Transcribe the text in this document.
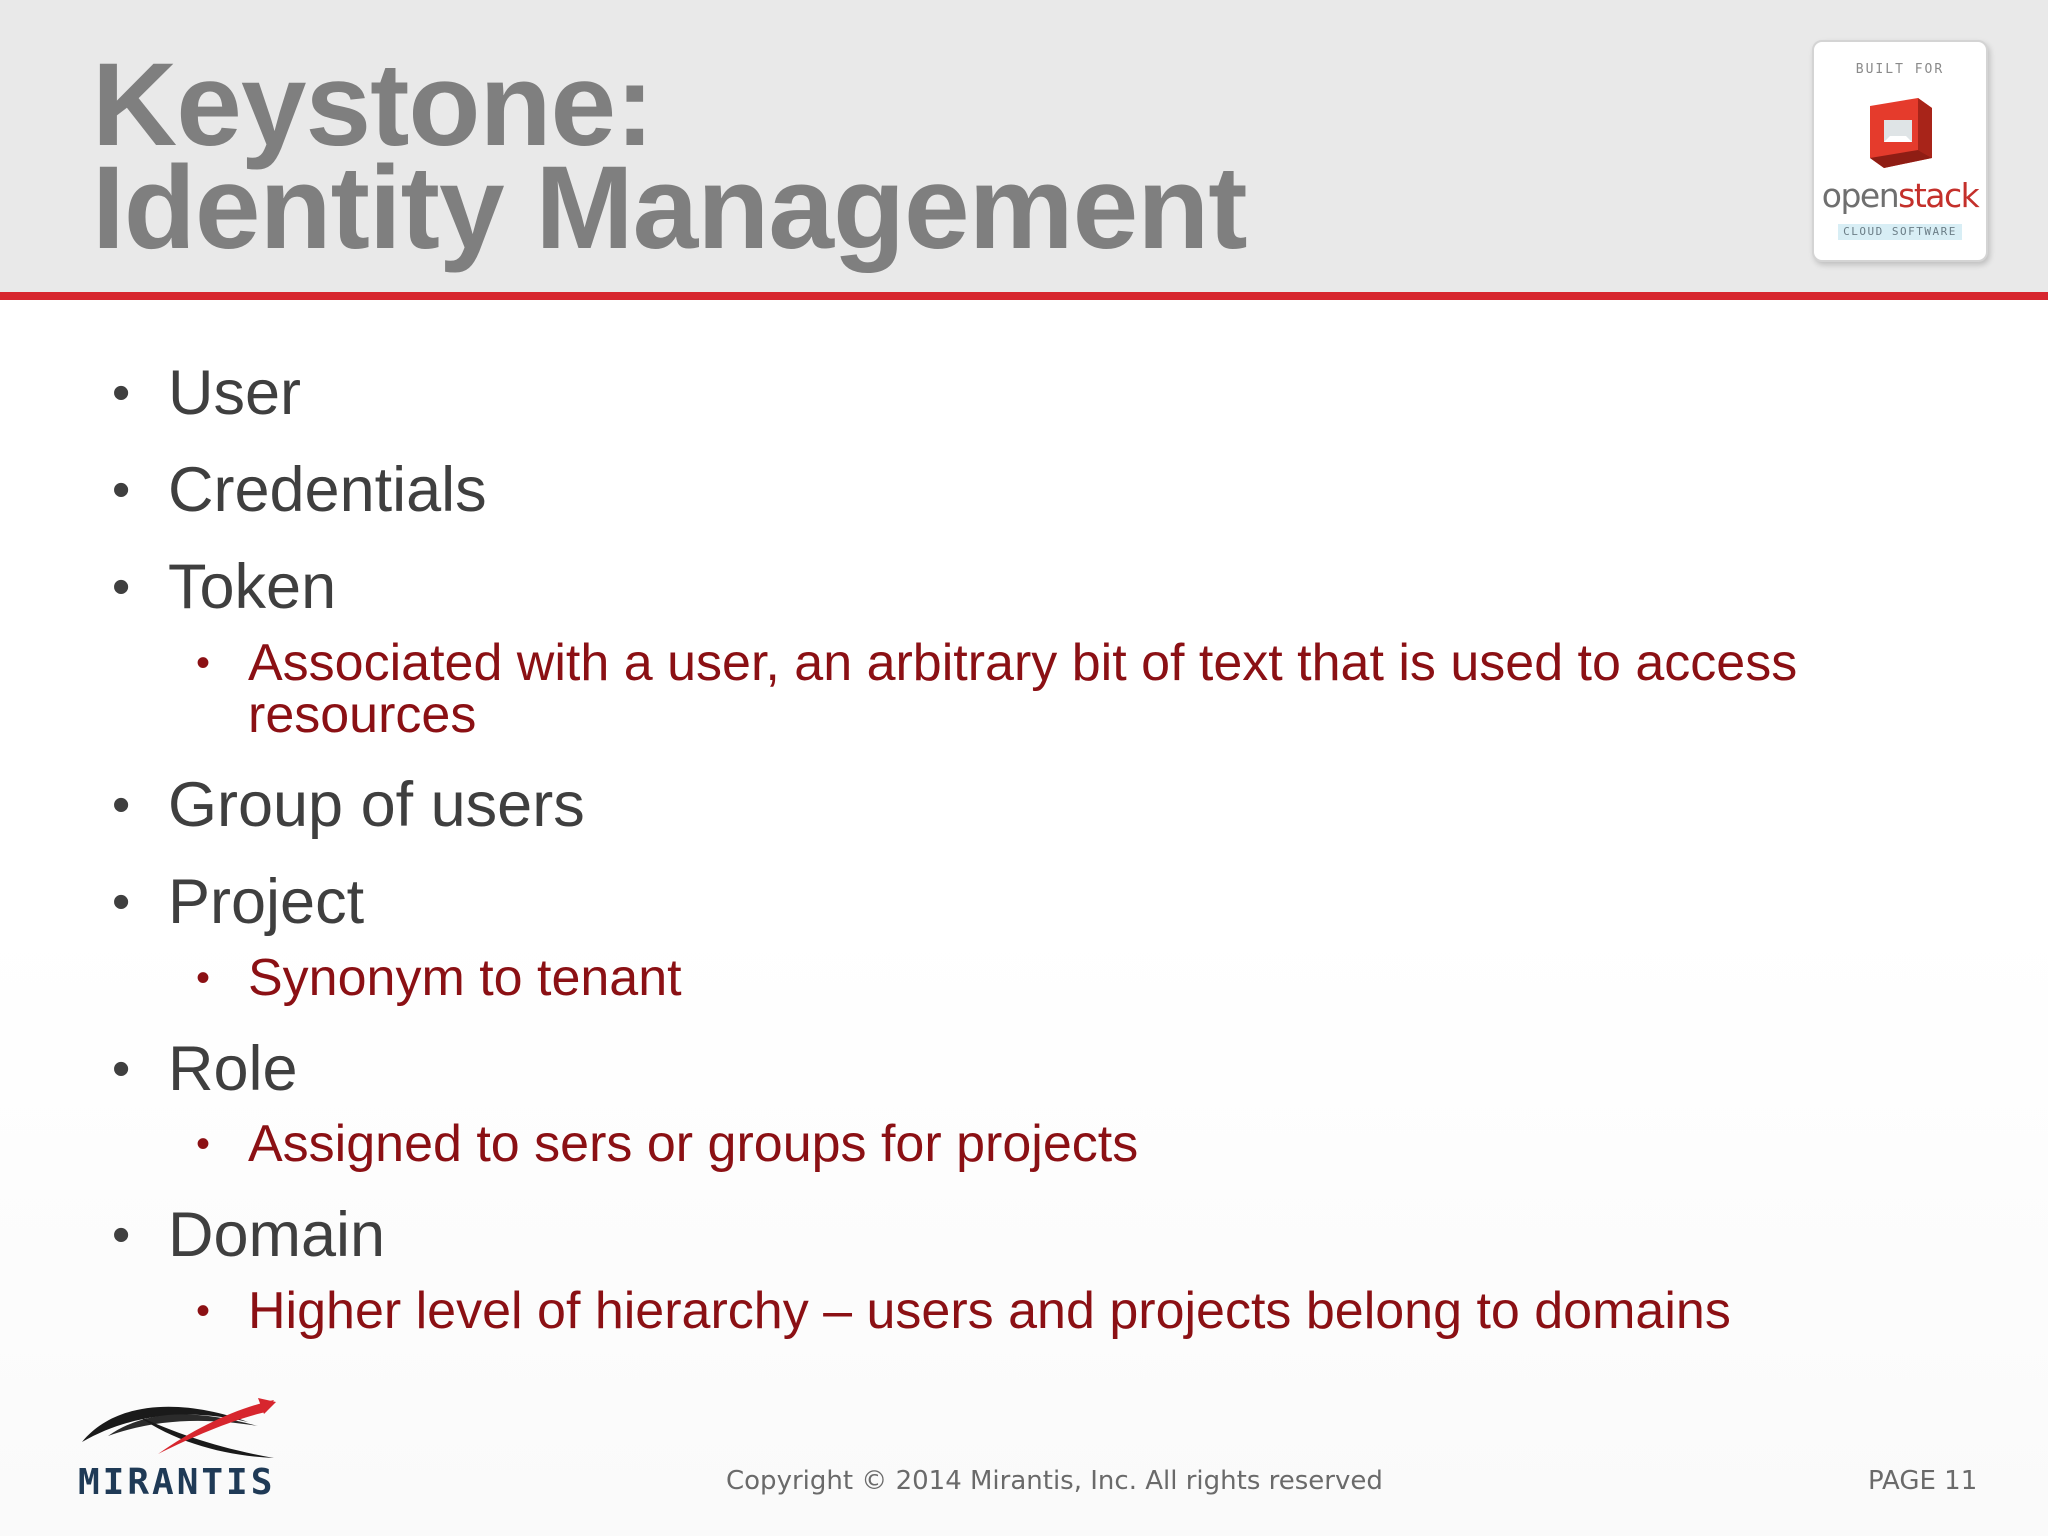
Keystone:
Identity Management
BUILT FOR
openstack
CLOUD SOFTWARE
• User
• Credentials
• Token
• Associated with a user, an arbitrary bit of text that is used to access resources
• Group of users
• Project
• Synonym to tenant
• Role
• Assigned to sers or groups for projects
• Domain
• Higher level of hierarchy – users and projects belong to domains
MIRANTIS	Copyright © 2014 Mirantis, Inc. All rights reserved	PAGE 11
